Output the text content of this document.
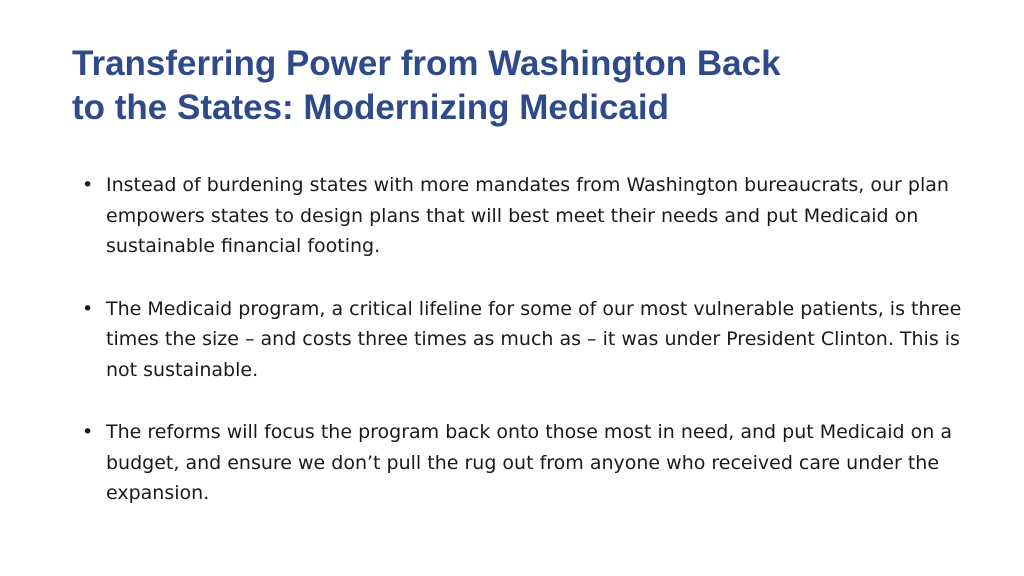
Transferring Power from Washington Back
to the States: Modernizing Medicaid
• Instead of burdening states with more mandates from Washington bureaucrats, our plan empowers states to design plans that will best meet their needs and put Medicaid on sustainable financial footing.
• The Medicaid program, a critical lifeline for some of our most vulnerable patients, is three times the size – and costs three times as much as – it was under President Clinton. This is not sustainable.
• The reforms will focus the program back onto those most in need, and put Medicaid on a budget, and ensure we don’t pull the rug out from anyone who received care under the expansion.
